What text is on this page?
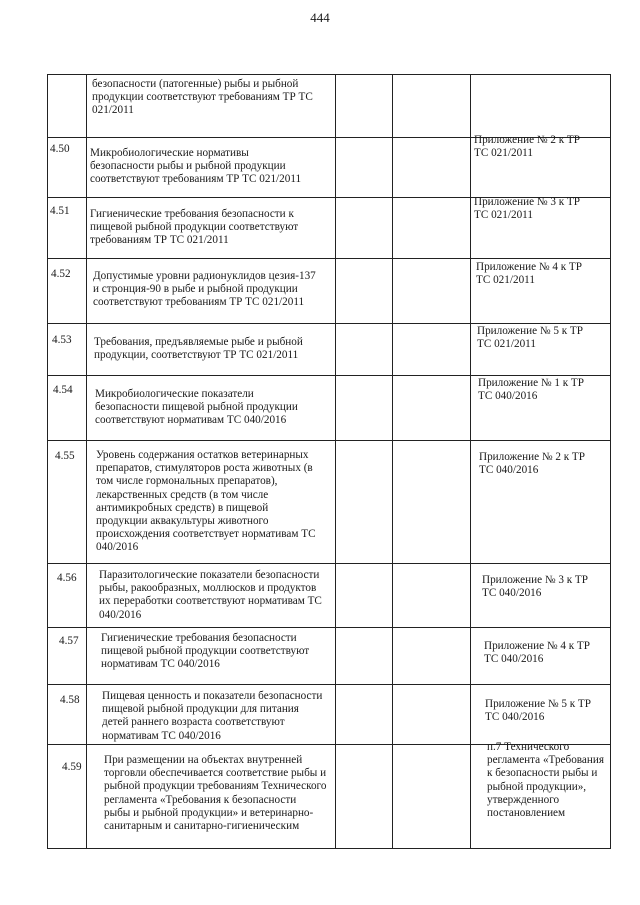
444
безопасности (патогенные) рыбы и рыбной
продукции соответствуют требованиям ТР ТС
021/2011
4.50 Микробиологические нормативы
безопасности рыбы и рыбной продукции
соответствуют требованиям ТР ТС 021/2011
Приложение № 2 к ТР
ТС 021/2011
4.51 Гигиенические требования безопасности к
пищевой рыбной продукции соответствуют
требованиям ТР ТС 021/2011
Приложение № 3 к ТР
ТС 021/2011
4.52 Допустимые уровни радионуклидов цезия-137
и стронция-90 в рыбе и рыбной продукции
соответствуют требованиям ТР ТС 021/2011
Приложение № 4 к ТР
ТС 021/2011
4.53 Требования, предъявляемые рыбе и рыбной
продукции, соответствуют ТР ТС 021/2011
Приложение № 5 к ТР
ТС 021/2011
4.54 Микробиологические показатели
безопасности пищевой рыбной продукции
соответствуют нормативам ТС 040/2016
Приложение № 1 к ТР
ТС 040/2016
4.55 Уровень содержания остатков ветеринарных
препаратов, стимуляторов роста животных (в
том числе гормональных препаратов),
лекарственных средств (в том числе
антимикробных средств) в пищевой
продукции аквакультуры животного
происхождения соответствует нормативам ТС
040/2016
Приложение № 2 к ТР
ТС 040/2016
4.56 Паразитологические показатели безопасности
рыбы, ракообразных, моллюсков и продуктов
их переработки соответствуют нормативам ТС
040/2016
Приложение № 3 к ТР
ТС 040/2016
4.57 Гигиенические требования безопасности
пищевой рыбной продукции соответствуют
нормативам ТС 040/2016
Приложение № 4 к ТР
ТС 040/2016
4.58 Пищевая ценность и показатели безопасности
пищевой рыбной продукции для питания
детей раннего возраста соответствуют
нормативам ТС 040/2016
Приложение № 5 к ТР
ТС 040/2016
4.59
При размещении на объектах внутренней
торговли обеспечивается соответствие рыбы и
рыбной продукции требованиям Технического
регламента «Требования к безопасности
рыбы и рыбной продукции» и ветеринарно-
санитарным и санитарно-гигиеническим
п.7 Технического
регламента «Требования
к безопасности рыбы и
рыбной продукции»,
утвержденного
постановлением
